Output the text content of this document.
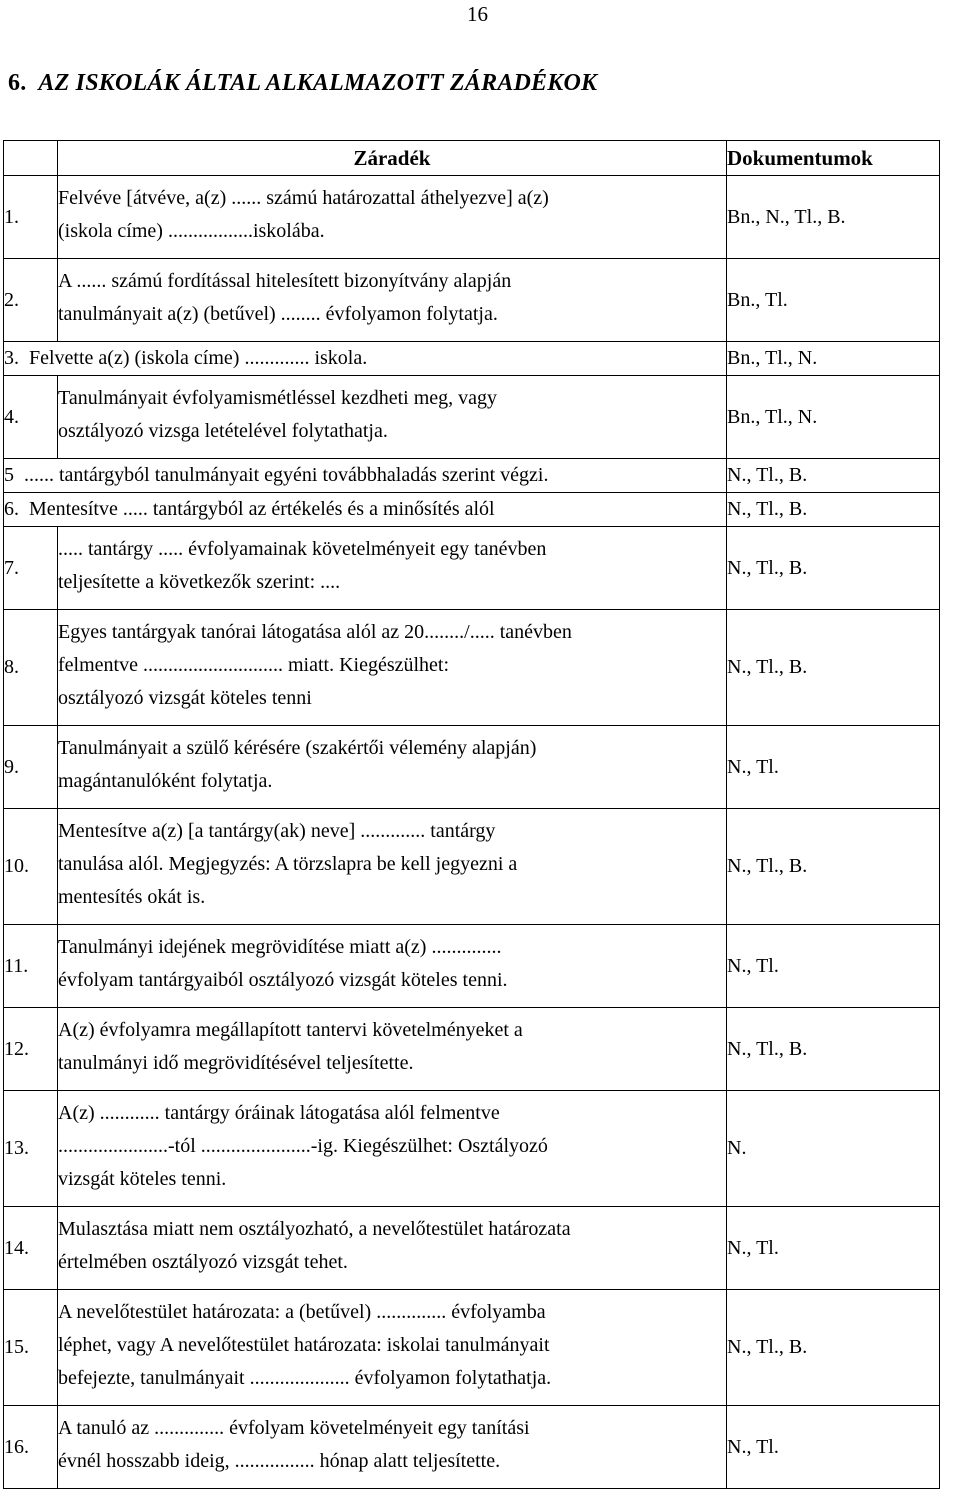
16
6. AZ ISKOLÁK ÁLTAL ALKALMAZOTT ZÁRADÉKOK
	Záradék	Dokumentumok
1.	Felvéve [átvéve, a(z) ...... számú határozattal áthelyezve] a(z)
(iskola címe) .................iskolába.	Bn., N., Tl., B.
2.	A ...... számú fordítással hitelesített bizonyítvány alapján
tanulmányait a(z) (betűvel) ........ évfolyamon folytatja.	Bn., Tl.
3. Felvette a(z) (iskola címe) ............. iskola.		Bn., Tl., N.
4.	Tanulmányait évfolyamismétléssel kezdheti meg, vagy
osztályozó vizsga letételével folytathatja.	Bn., Tl., N.
5 ...... tantárgyból tanulmányait egyéni továbbhaladás szerint végzi.		N., Tl., B.
6. Mentesítve ..... tantárgyból az értékelés és a minősítés alól		N., Tl., B.
7.	..... tantárgy ..... évfolyamainak követelményeit egy tanévben
teljesítette a következők szerint: ....	N., Tl., B.
8.	Egyes tantárgyak tanórai látogatása alól az 20......../..... tanévben
felmentve ............................ miatt. Kiegészülhet:
osztályozó vizsgát köteles tenni	N., Tl., B.
9.	Tanulmányait a szülő kérésére (szakértői vélemény alapján)
magántanulóként folytatja.	N., Tl.
10.	Mentesítve a(z) [a tantárgy(ak) neve] ............. tantárgy
tanulása alól. Megjegyzés: A törzslapra be kell jegyezni a
mentesítés okát is.	N., Tl., B.
11.	Tanulmányi idejének megrövidítése miatt a(z) ..............
évfolyam tantárgyaiból osztályozó vizsgát köteles tenni.	N., Tl.
12.	A(z) évfolyamra megállapított tantervi követelményeket a
tanulmányi idő megrövidítésével teljesítette.	N., Tl., B.
13.	A(z) ............ tantárgy óráinak látogatása alól felmentve
......................-tól ......................-ig. Kiegészülhet: Osztályozó
vizsgát köteles tenni.	N.
14.	Mulasztása miatt nem osztályozható, a nevelőtestület határozata
értelmében osztályozó vizsgát tehet.	N., Tl.
15.	A nevelőtestület határozata: a (betűvel) .............. évfolyamba
léphet, vagy A nevelőtestület határozata: iskolai tanulmányait
befejezte, tanulmányait .................... évfolyamon folytathatja.	N., Tl., B.
16.	A tanuló az .............. évfolyam követelményeit egy tanítási
évnél hosszabb ideig, ................ hónap alatt teljesítette.	N., Tl.
